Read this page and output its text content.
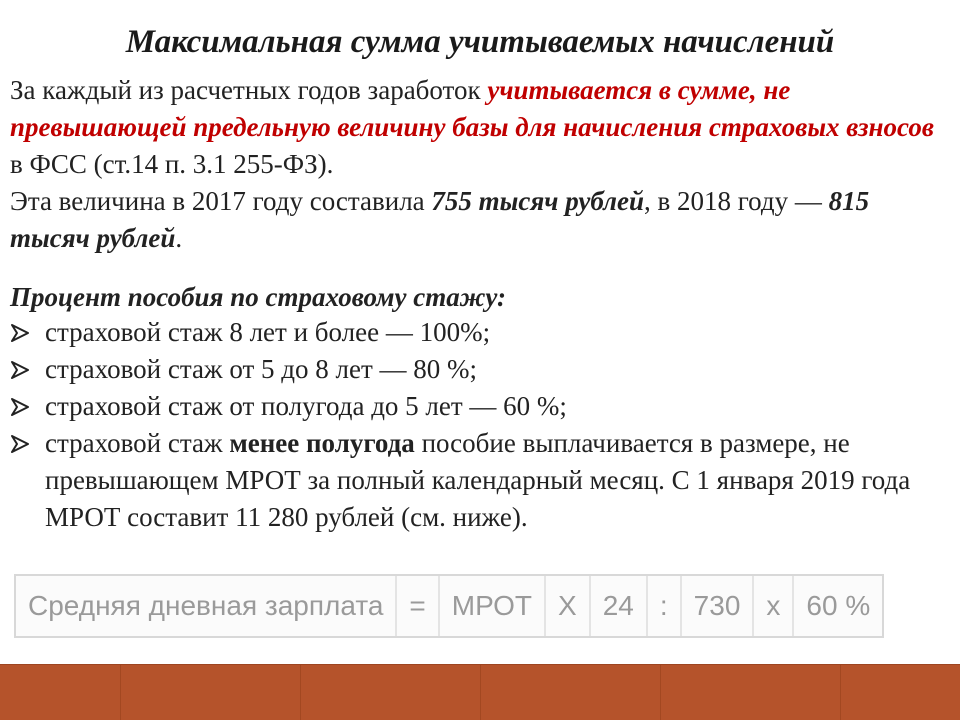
Максимальная сумма учитываемых начислений

За каждый из расчетных годов заработок учитывается в сумме, не превышающей предельную величину базы для начисления страховых взносов в ФСС (ст.14 п. 3.1 255-ФЗ).
Эта величина в 2017 году составила 755 тысяч рублей, в 2018 году — 815 тысяч рублей.

Процент пособия по страховому стажу:

страховой стаж 8 лет и более — 100%;
страховой стаж от 5 до 8 лет — 80 %;
страховой стаж от полугода до 5 лет — 60 %;
страховой стаж менее полугода пособие выплачивается в размере, не превышающем МРОТ за полный календарный месяц. С 1 января 2019 года МРОТ составит 11 280 рублей (см. ниже).
Средняя дневная зарплата = МРОТ Х 24 : 730 х 60 %
